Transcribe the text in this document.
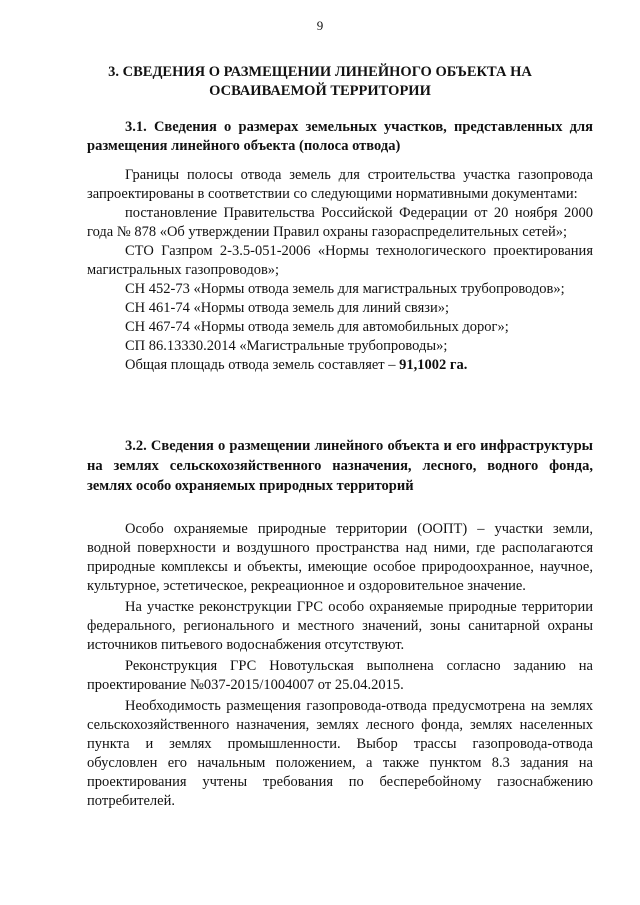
9
3. СВЕДЕНИЯ О РАЗМЕЩЕНИИ ЛИНЕЙНОГО ОБЪЕКТА НА ОСВАИВАЕМОЙ ТЕРРИТОРИИ
3.1. Сведения о размерах земельных участков, представленных для размещения линейного объекта (полоса отвода)

Границы полосы отвода земель для строительства участка газопровода запроектированы в соответствии со следующими нормативными документами:

постановление Правительства Российской Федерации от 20 ноября 2000 года № 878 «Об утверждении Правил охраны газораспределительных сетей»;

СТО Газпром 2-3.5-051-2006 «Нормы технологического проектирования магистральных газопроводов»;

СН 452-73 «Нормы отвода земель для магистральных трубопроводов»;

СН 461-74 «Нормы отвода земель для линий связи»;

СН 467-74 «Нормы отвода земель для автомобильных дорог»;

СП 86.13330.2014 «Магистральные трубопроводы»;

Общая площадь отвода земель составляет – 91,1002 га.

3.2. Сведения о размещении линейного объекта и его инфраструктуры на землях сельскохозяйственного назначения, лесного, водного фонда, землях особо охраняемых природных территорий

Особо охраняемые природные территории (ООПТ) – участки земли, водной поверхности и воздушного пространства над ними, где располагаются природные комплексы и объекты, имеющие особое природоохранное, научное, культурное, эстетическое, рекреационное и оздоровительное значение.

На участке реконструкции ГРС особо охраняемые природные территории федерального, регионального и местного значений, зоны санитарной охраны источников питьевого водоснабжения отсутствуют.

Реконструкция ГРС Новотульская выполнена согласно заданию на проектирование №037-2015/1004007 от 25.04.2015.

Необходимость размещения газопровода-отвода предусмотрена на землях сельскохозяйственного назначения, землях лесного фонда, землях населенных пункта и землях промышленности. Выбор трассы газопровода-отвода обусловлен его начальным положением, а также пунктом 8.3 задания на проектирования учтены требования по бесперебойному газоснабжению потребителей.
